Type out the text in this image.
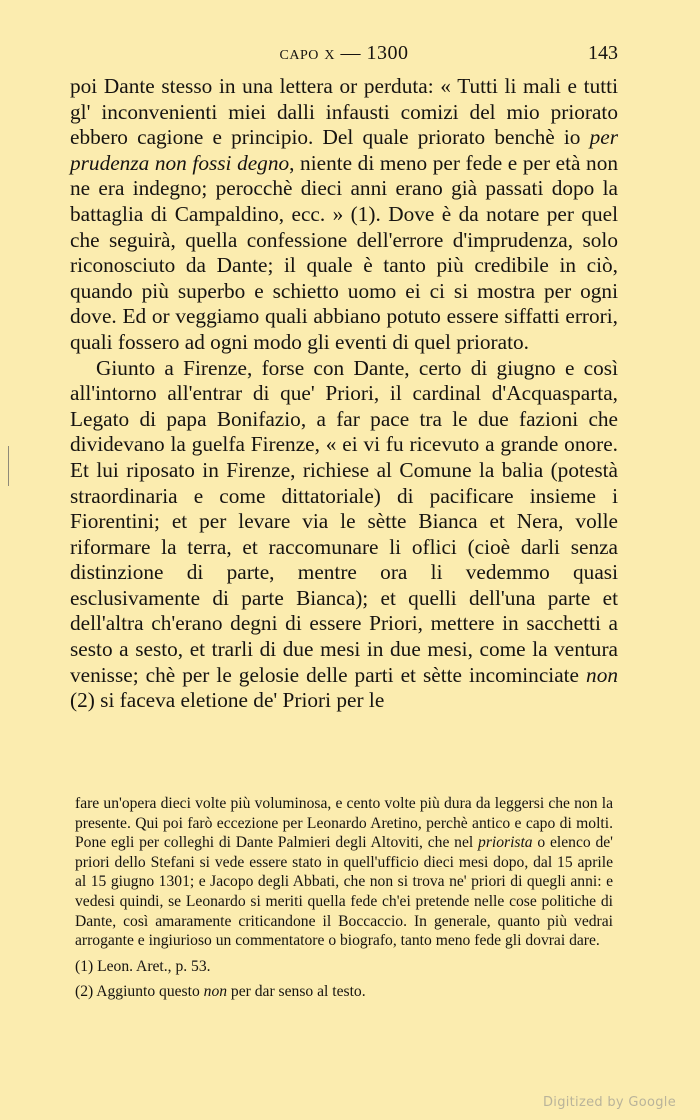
capo x — 1300	143

poi Dante stesso in una lettera or perduta: « Tutti li mali e tutti gl' inconvenienti miei dalli infausti comizi del mio priorato ebbero cagione e principio. Del quale priorato benchè io per prudenza non fossi degno, niente di meno per fede e per età non ne era indegno; perocchè dieci anni erano già passati dopo la battaglia di Campaldino, ecc. » (1). Dove è da notare per quel che seguirà, quella confessione dell'errore d'imprudenza, solo riconosciuto da Dante; il quale è tanto più credibile in ciò, quando più superbo e schietto uomo ei ci si mostra per ogni dove. Ed or veggiamo quali abbiano potuto essere siffatti errori, quali fossero ad ogni modo gli eventi di quel priorato.

Giunto a Firenze, forse con Dante, certo di giugno e così all'intorno all'entrar di que' Priori, il cardinal d'Acquasparta, Legato di papa Bonifazio, a far pace tra le due fazioni che dividevano la guelfa Firenze, « ei vi fu ricevuto a grande onore. Et lui riposato in Firenze, richiese al Comune la balia (potestà straordinaria e come dittatoriale) di pacificare insieme i Fiorentini; et per levare via le sètte Bianca et Nera, volle riformare la terra, et raccomunare li oflici (cioè darli senza distinzione di parte, mentre ora li vedemmo quasi esclusivamente di parte Bianca); et quelli dell'una parte et dell'altra ch'erano degni di essere Priori, mettere in sacchetti a sesto a sesto, et trarli di due mesi in due mesi, come la ventura venisse; chè per le gelosie delle parti et sètte incominciate non (2) si faceva eletione de' Priori per le

fare un'opera dieci volte più voluminosa, e cento volte più dura da leggersi che non la presente. Qui poi farò eccezione per Leonardo Aretino, perchè antico e capo di molti. Pone egli per colleghi di Dante Palmieri degli Altoviti, che nel priorista o elenco de' priori dello Stefani si vede essere stato in quell'ufficio dieci mesi dopo, dal 15 aprile al 15 giugno 1301; e Jacopo degli Abbati, che non si trova ne' priori di quegli anni: e vedesi quindi, se Leonardo si meriti quella fede ch'ei pretende nelle cose politiche di Dante, così amaramente criticandone il Boccaccio. In generale, quanto più vedrai arrogante e ingiurioso un commentatore o biografo, tanto meno fede gli dovrai dare.

(1) Leon. Aret., p. 53.

(2) Aggiunto questo non per dar senso al testo.

Digitized by Google
